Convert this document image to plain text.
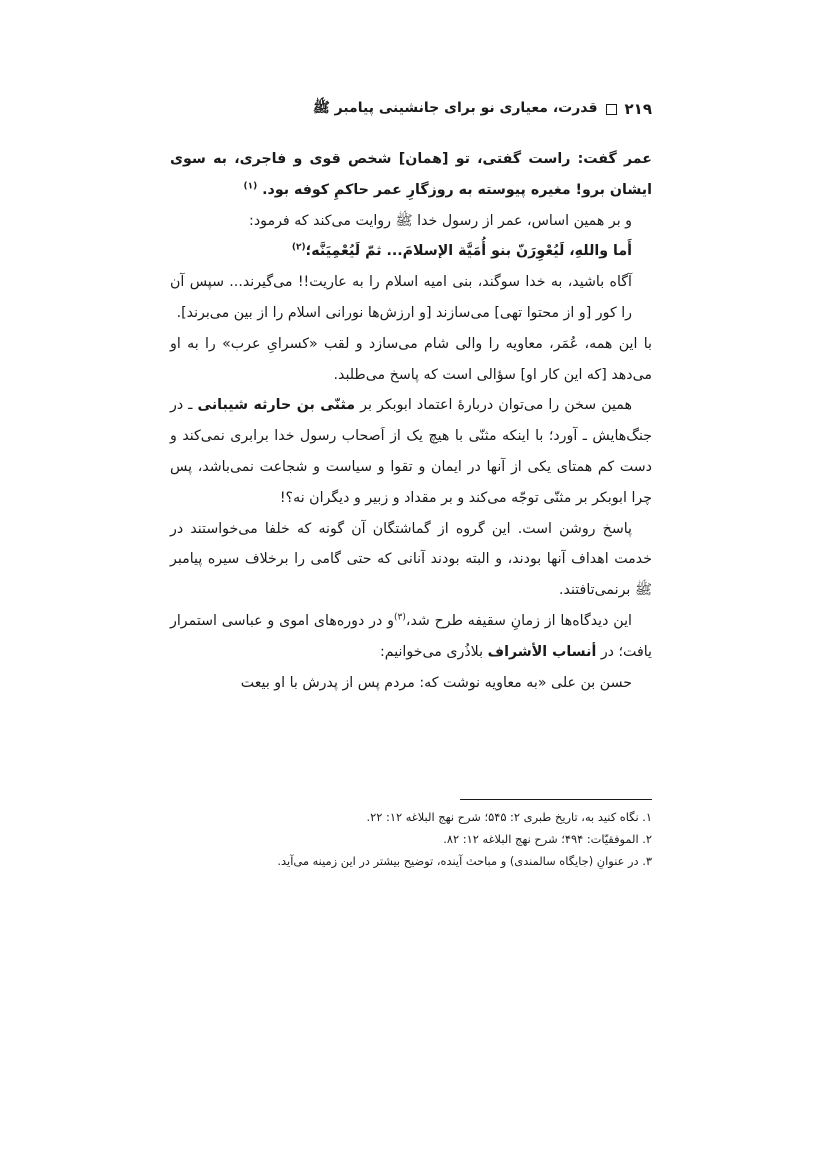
۲۱۹
قدرت، معیاری نو برای جانشینی پیامبر ﷺ

عمر گفت: راست گفتی، تو [همان] شخص قوی و فاجری، به سوی ایشان برو! مغیره پیوسته به روزگارِ عمر حاکمِ کوفه بود. $^{(۱)}$

و بر همین اساس، عمر از رسول خدا ﷺ روایت می‌کند که فرمود:

أَما واللهِ، لَيُعْوِرَنّ بنو أُمَيَّة الإسلامَ... ثمّ لَيُعْمِيَنَّه؛$^{(۲)}$

آگاه باشید، به خدا سوگند، بنی امیه اسلام را به عاریت!! می‌گیرند... سپس آن را کور [و از محتوا تهی] می‌سازند [و ارزش‌ها نورانی اسلام را از بین می‌برند].

با این همه، عُمَر، معاویه را والی شام می‌سازد و لقب «کسرایِ عرب» را به او می‌دهد [که این کار او] سؤالی است که پاسخ می‌طلبد.

همین سخن را می‌توان دربارهٔ اعتماد ابوبکر بر مثنّی بن حارثه شیبانی ـ در جنگ‌هایش ـ آورد؛ با اینکه مثنّی با هیچ یک از اَصحاب رسول خدا برابری نمی‌کند و دست کم همتای یکی از آنها در ایمان و تقوا و سیاست و شجاعت نمی‌باشد، پس چرا ابوبکر بر مثنّی توجّه می‌کند و بر مقداد و زبیر و دیگران نه؟!

پاسخ روشن است. این گروه از گماشتگان آن گونه که خلفا می‌خواستند در خدمت اهداف آنها بودند، و البته بودند آنانی که حتی گامی را برخلاف سیره پیامبر ﷺ برنمی‌تافتند.

این دیدگاه‌ها از زمانِ سقیفه طرح شد،$^{(۳)}$و در دوره‌های اموی و عباسی استمرار یافت؛ در أنساب الأشراف بلاذُری می‌خوانیم:

حسن بن علی «به معاویه نوشت که: مردم پس از پدرش با او بیعت

۱. نگاه کنید به، تاریخ طبری ۲: ۵۴۵؛ شرح نهج البلاغه ۱۲: ۲۲.

۲. الموفقیّات: ۴۹۴؛ شرح نهج البلاغه ۱۲: ۸۲.

۳. در عنوانِ (جایگاه سالمندی) و مباحث آینده، توضیح بیشتر در این زمینه می‌آید.
